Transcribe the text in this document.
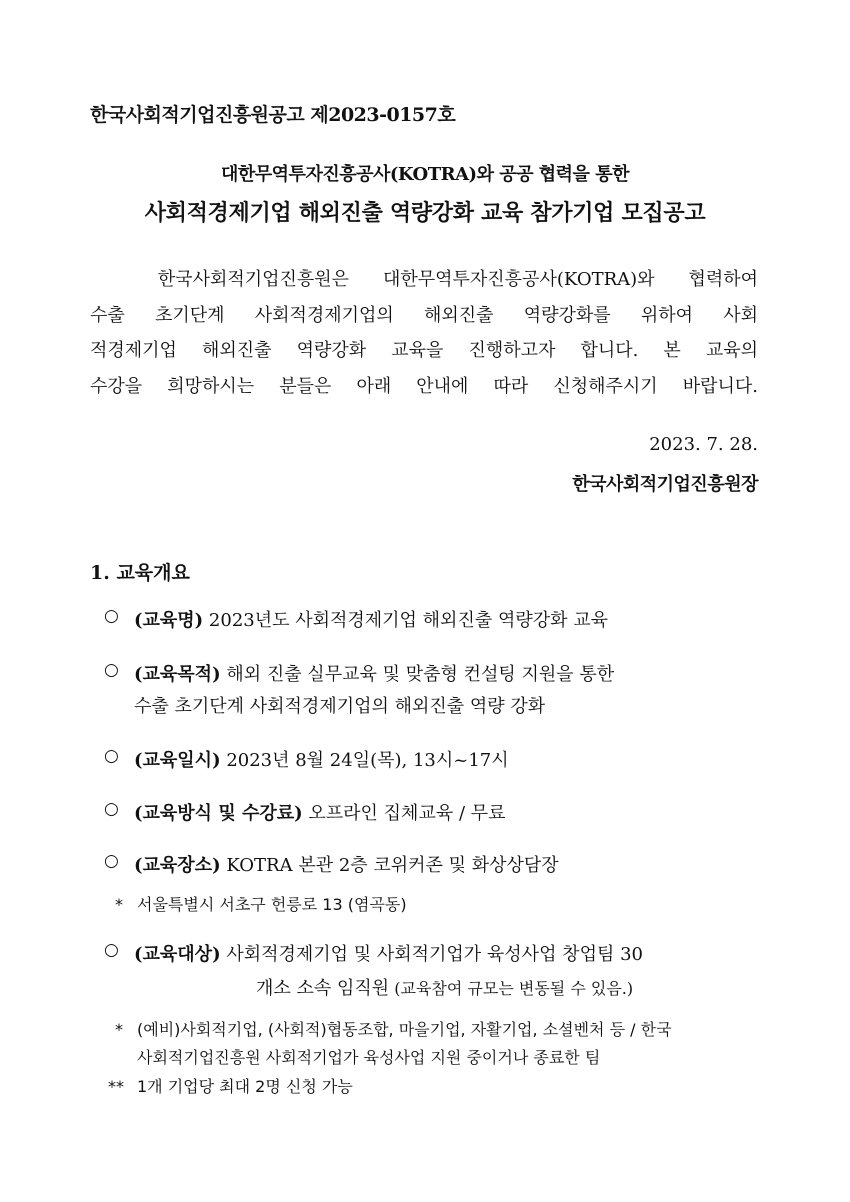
한국사회적기업진흥원공고 제2023-0157호
대한무역투자진흥공사(KOTRA)와 공공 협력을 통한
사회적경제기업 해외진출 역량강화 교육 참가기업 모집공고
한국사회적기업진흥원은 대한무역투자진흥공사(KOTRA)와 협력하여
수출 초기단계 사회적경제기업의 해외진출 역량강화를 위하여 사회
적경제기업 해외진출 역량강화 교육을 진행하고자 합니다. 본 교육의
수강을 희망하시는 분들은 아래 안내에 따라 신청해주시기 바랍니다.
2023. 7. 28.
한국사회적기업진흥원장
1. 교육개요
○ (교육명) 2023년도 사회적경제기업 해외진출 역량강화 교육
○ (교육목적) 해외 진출 실무교육 및 맞춤형 컨설팅 지원을 통한
수출 초기단계 사회적경제기업의 해외진출 역량 강화
○ (교육일시) 2023년 8월 24일(목), 13시~17시
○ (교육방식 및 수강료) 오프라인 집체교육 / 무료
○ (교육장소) KOTRA 본관 2층 코위커존 및 화상상담장
* 서울특별시 서초구 헌릉로 13 (염곡동)
○ (교육대상) 사회적경제기업 및 사회적기업가 육성사업 창업팀 30
개소 소속 임직원 (교육참여 규모는 변동될 수 있음.)
* (예비)사회적기업, (사회적)협동조합, 마을기업, 자활기업, 소셜벤처 등 / 한국
사회적기업진흥원 사회적기업가 육성사업 지원 중이거나 종료한 팀
** 1개 기업당 최대 2명 신청 가능
